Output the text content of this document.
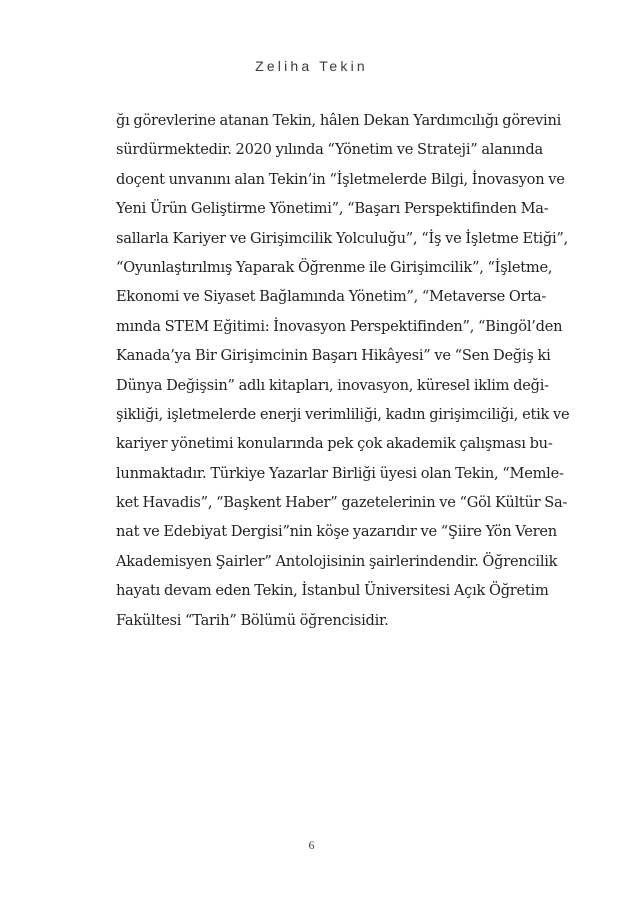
Zeliha Tekin
ğı görevlerine atanan Tekin, hâlen Dekan Yardımcılığı görevini
sürdürmektedir. 2020 yılında “Yönetim ve Strateji” alanında
doçent unvanını alan Tekin’in “İşletmelerde Bilgi, İnovasyon ve
Yeni Ürün Geliştirme Yönetimi”, “Başarı Perspektifinden Ma-
sallarla Kariyer ve Girişimcilik Yolculuğu”, “İş ve İşletme Etiği”,
“Oyunlaştırılmış Yaparak Öğrenme ile Girişimcilik”, “İşletme,
Ekonomi ve Siyaset Bağlamında Yönetim”, “Metaverse Orta-
mında STEM Eğitimi: İnovasyon Perspektifinden”, “Bingöl’den
Kanada’ya Bir Girişimcinin Başarı Hikâyesi” ve “Sen Değiş ki
Dünya Değişsin” adlı kitapları, inovasyon, küresel iklim deği-
şikliği, işletmelerde enerji verimliliği, kadın girişimciliği, etik ve
kariyer yönetimi konularında pek çok akademik çalışması bu-
lunmaktadır. Türkiye Yazarlar Birliği üyesi olan Tekin, “Memle-
ket Havadis”, “Başkent Haber” gazetelerinin ve “Göl Kültür Sa-
nat ve Edebiyat Dergisi”nin köşe yazarıdır ve “Şiire Yön Veren
Akademisyen Şairler” Antolojisinin şairlerindendir. Öğrencilik
hayatı devam eden Tekin, İstanbul Üniversitesi Açık Öğretim
Fakültesi “Tarih” Bölümü öğrencisidir.
6
